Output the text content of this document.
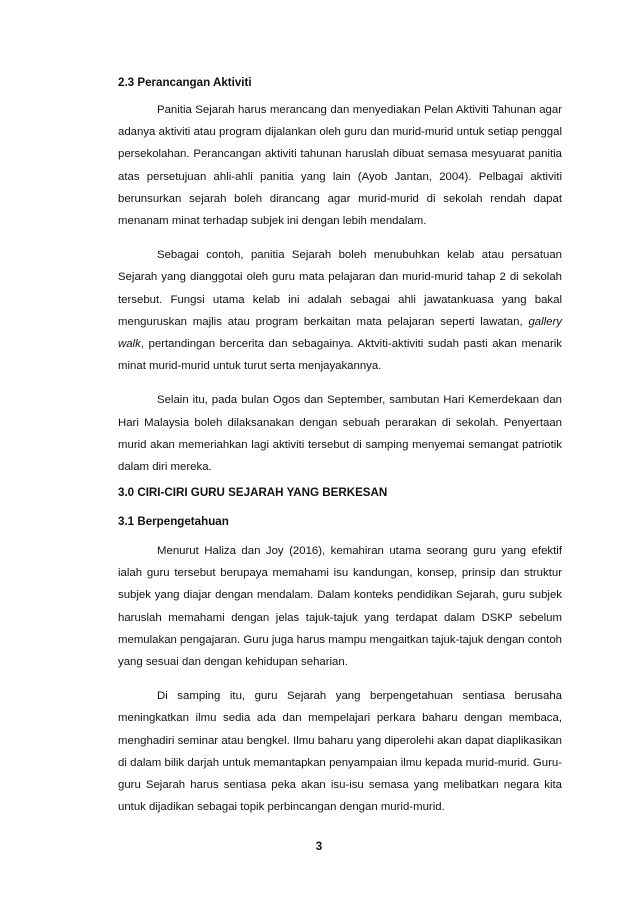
2.3 Perancangan Aktiviti

Panitia Sejarah harus merancang dan menyediakan Pelan Aktiviti Tahunan agar adanya aktiviti atau program dijalankan oleh guru dan murid-murid untuk setiap penggal persekolahan. Perancangan aktiviti tahunan haruslah dibuat semasa mesyuarat panitia atas persetujuan ahli-ahli panitia yang lain (Ayob Jantan, 2004). Pelbagai aktiviti berunsurkan sejarah boleh dirancang agar murid-murid di sekolah rendah dapat menanam minat terhadap subjek ini dengan lebih mendalam.

Sebagai contoh, panitia Sejarah boleh menubuhkan kelab atau persatuan Sejarah yang dianggotai oleh guru mata pelajaran dan murid-murid tahap 2 di sekolah tersebut. Fungsi utama kelab ini adalah sebagai ahli jawatankuasa yang bakal menguruskan majlis atau program berkaitan mata pelajaran seperti lawatan, gallery walk, pertandingan bercerita dan sebagainya. Aktviti-aktiviti sudah pasti akan menarik minat murid-murid untuk turut serta menjayakannya.

Selain itu, pada bulan Ogos dan September, sambutan Hari Kemerdekaan dan Hari Malaysia boleh dilaksanakan dengan sebuah perarakan di sekolah. Penyertaan murid akan memeriahkan lagi aktiviti tersebut di samping menyemai semangat patriotik dalam diri mereka.

3.0 CIRI-CIRI GURU SEJARAH YANG BERKESAN
3.1 Berpengetahuan

Menurut Haliza dan Joy (2016), kemahiran utama seorang guru yang efektif ialah guru tersebut berupaya memahami isu kandungan, konsep, prinsip dan struktur subjek yang diajar dengan mendalam. Dalam konteks pendidikan Sejarah, guru subjek haruslah memahami dengan jelas tajuk-tajuk yang terdapat dalam DSKP sebelum memulakan pengajaran. Guru juga harus mampu mengaitkan tajuk-tajuk dengan contoh yang sesuai dan dengan kehidupan seharian.

Di samping itu, guru Sejarah yang berpengetahuan sentiasa berusaha meningkatkan ilmu sedia ada dan mempelajari perkara baharu dengan membaca, menghadiri seminar atau bengkel. Ilmu baharu yang diperolehi akan dapat diaplikasikan di dalam bilik darjah untuk memantapkan penyampaian ilmu kepada murid-murid. Guru-guru Sejarah harus sentiasa peka akan isu-isu semasa yang melibatkan negara kita untuk dijadikan sebagai topik perbincangan dengan murid-murid.

3
